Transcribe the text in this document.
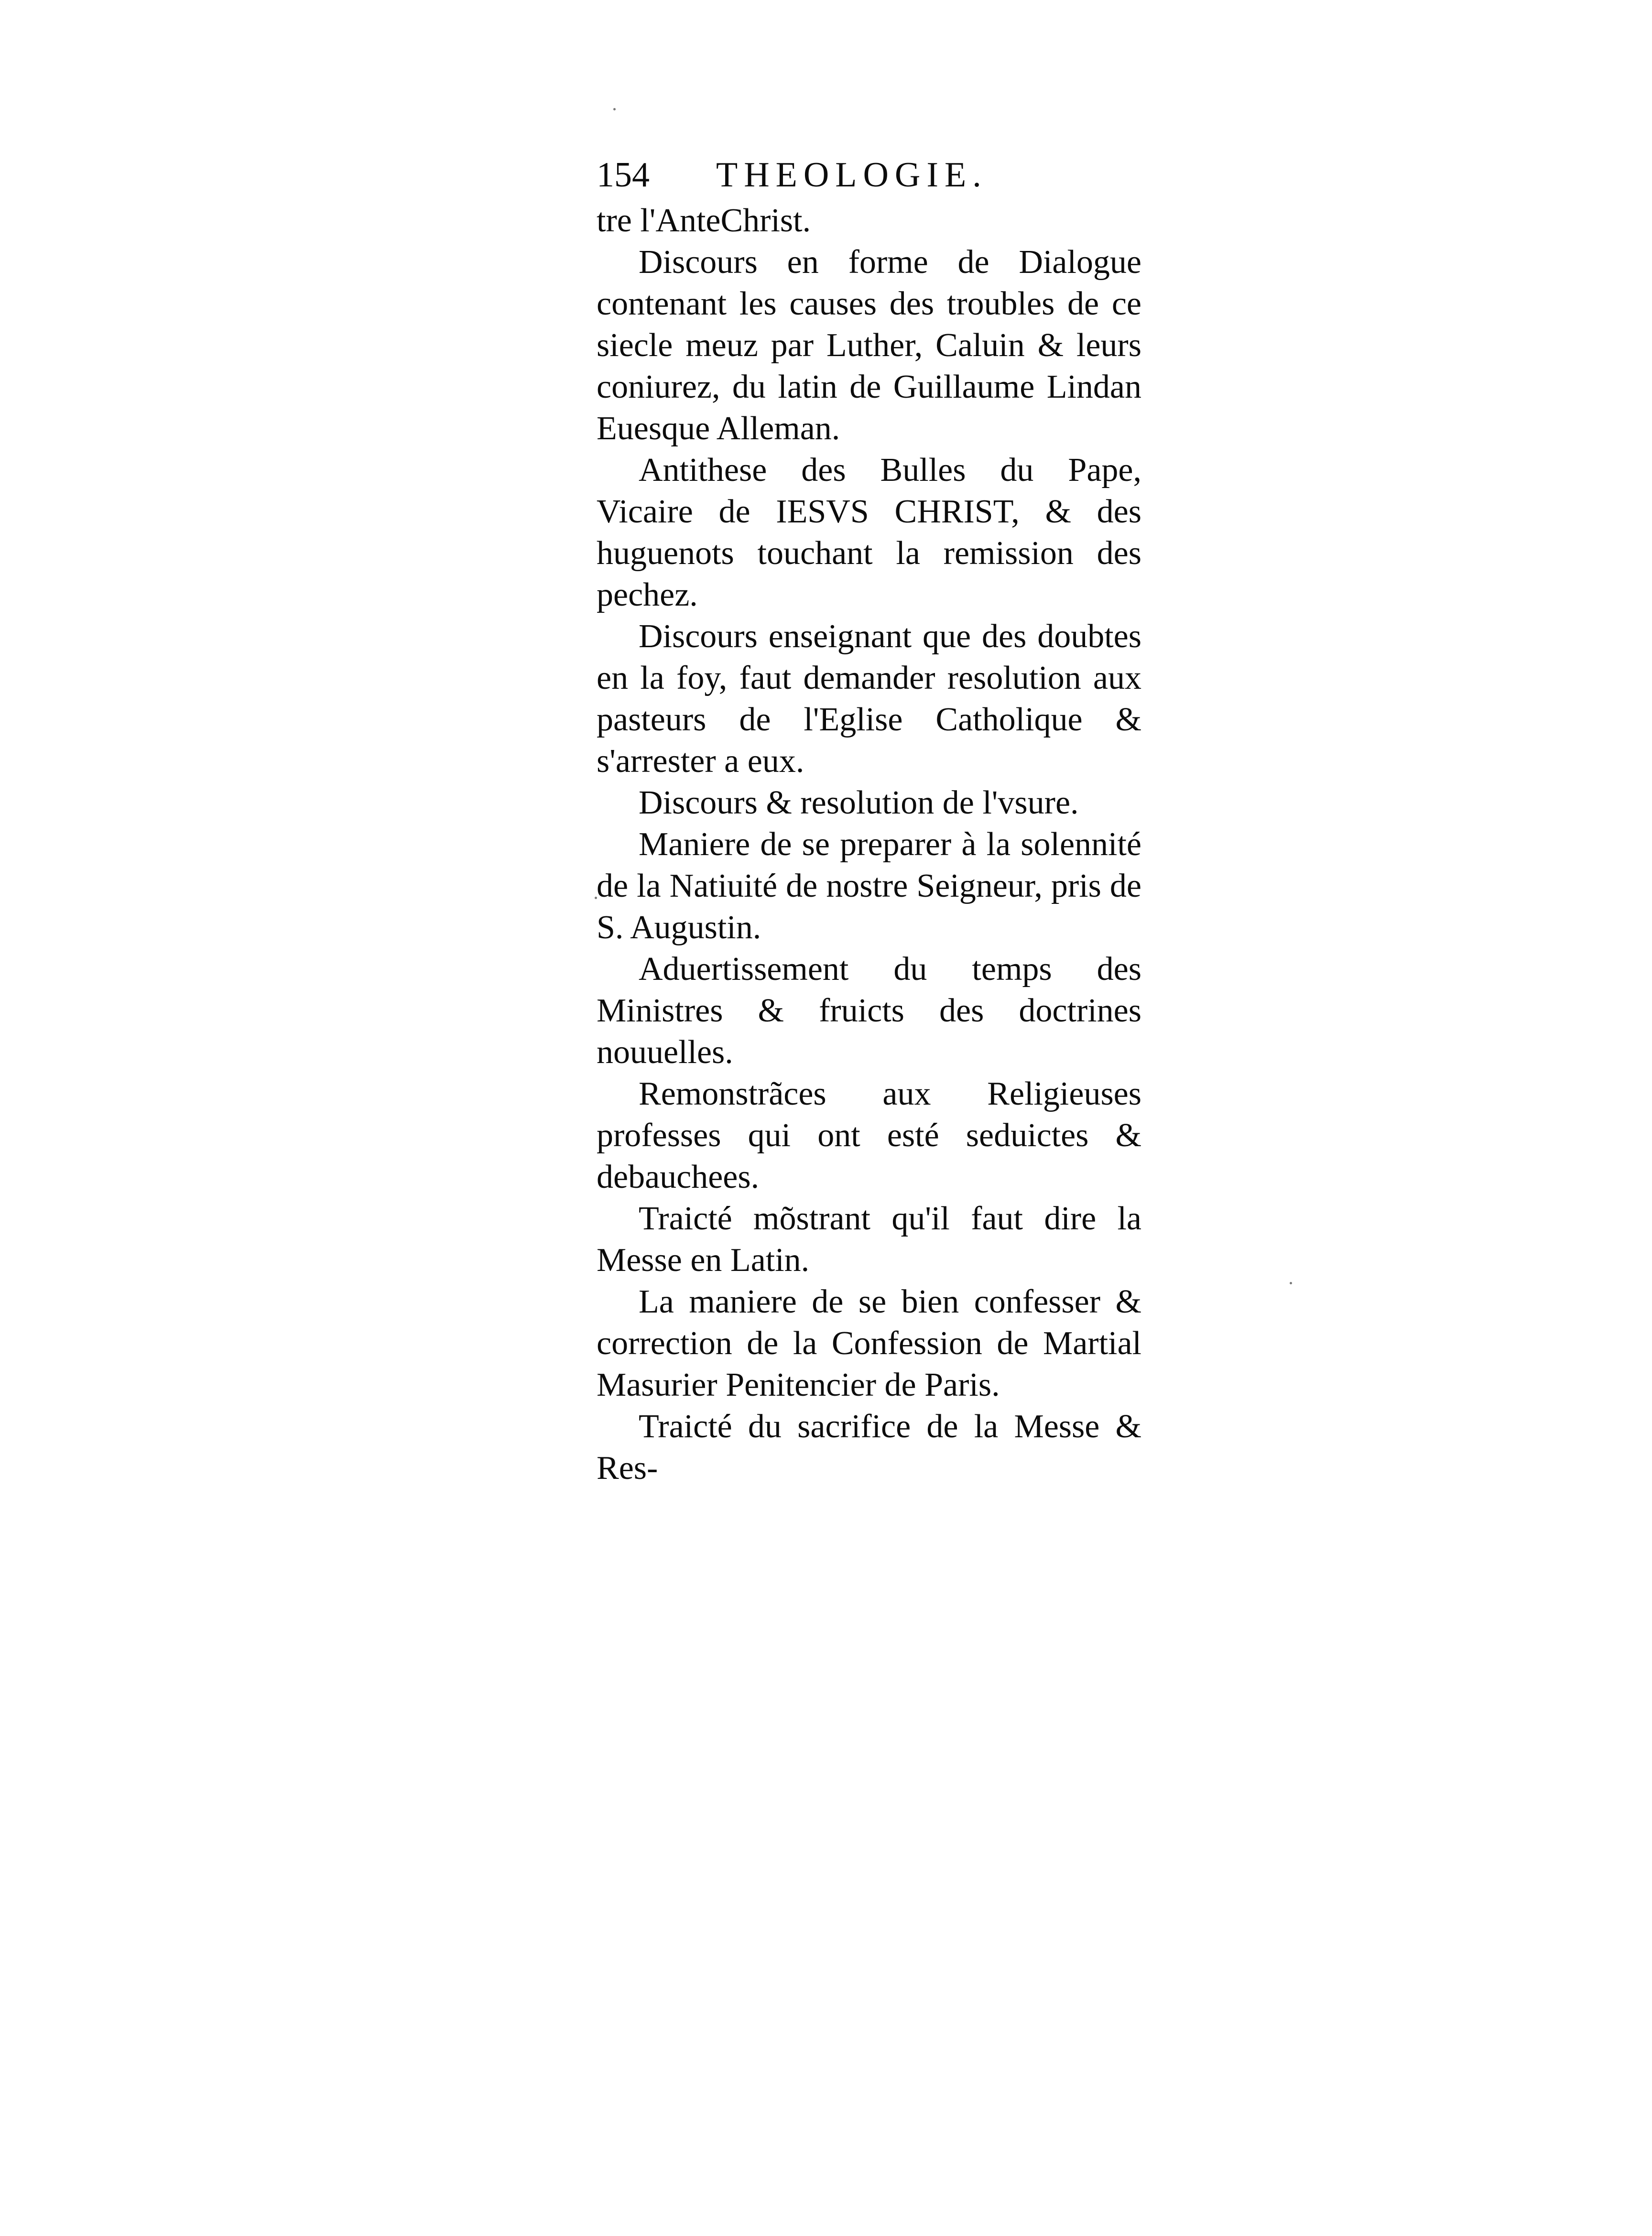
154 THEOLOGIE.

tre l'AnteChrist.

Discours en forme de Dialogue contenant les causes des troubles de ce siecle meuz par Luther, Caluin & leurs coniurez, du latin de Guillaume Lindan Euesque Alleman.

Antithese des Bulles du Pape, Vicaire de IESVS CHRIST, & des huguenots touchant la remission des pechez.

Discours enseignant que des doubtes en la foy, faut demander resolution aux pasteurs de l'Eglise Catholique & s'arrester a eux.

Discours & resolution de l'vsure.

Maniere de se preparer à la solennité de la Natiuité de nostre Seigneur, pris de S. Augustin.

Aduertissement du temps des Ministres & fruicts des doctrines nouuelles.

Remonstrãces aux Religieuses professes qui ont esté seduictes & debauchees.

Traicté mõstrant qu'il faut dire la Messe en Latin.

La maniere de se bien confesser & correction de la Confession de Martial Masurier Penitencier de Paris.

Traicté du sacrifice de la Messe & Res-
